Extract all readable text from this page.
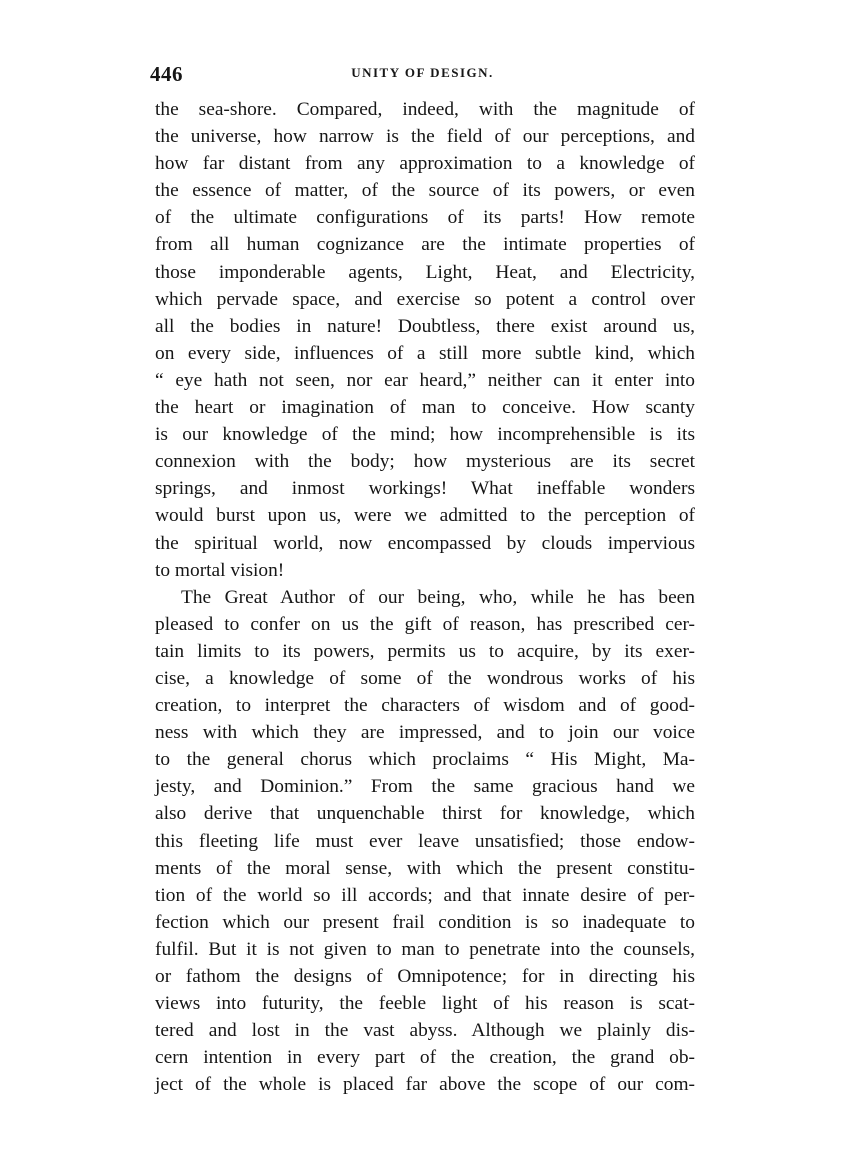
446	UNITY OF DESIGN.
the sea-shore. Compared, indeed, with the magnitude of
the universe, how narrow is the field of our perceptions, and
how far distant from any approximation to a knowledge of
the essence of matter, of the source of its powers, or even
of the ultimate configurations of its parts! How remote
from all human cognizance are the intimate properties of
those imponderable agents, Light, Heat, and Electricity,
which pervade space, and exercise so potent a control over
all the bodies in nature! Doubtless, there exist around us,
on every side, influences of a still more subtle kind, which
“ eye hath not seen, nor ear heard,” neither can it enter into
the heart or imagination of man to conceive. How scanty
is our knowledge of the mind; how incomprehensible is its
connexion with the body; how mysterious are its secret
springs, and inmost workings! What ineffable wonders
would burst upon us, were we admitted to the perception of
the spiritual world, now encompassed by clouds impervious
to mortal vision!
The Great Author of our being, who, while he has been
pleased to confer on us the gift of reason, has prescribed cer-
tain limits to its powers, permits us to acquire, by its exer-
cise, a knowledge of some of the wondrous works of his
creation, to interpret the characters of wisdom and of good-
ness with which they are impressed, and to join our voice
to the general chorus which proclaims “ His Might, Ma-
jesty, and Dominion.” From the same gracious hand we
also derive that unquenchable thirst for knowledge, which
this fleeting life must ever leave unsatisfied; those endow-
ments of the moral sense, with which the present constitu-
tion of the world so ill accords; and that innate desire of per-
fection which our present frail condition is so inadequate to
fulfil. But it is not given to man to penetrate into the counsels,
or fathom the designs of Omnipotence; for in directing his
views into futurity, the feeble light of his reason is scat-
tered and lost in the vast abyss. Although we plainly dis-
cern intention in every part of the creation, the grand ob-
ject of the whole is placed far above the scope of our com-
